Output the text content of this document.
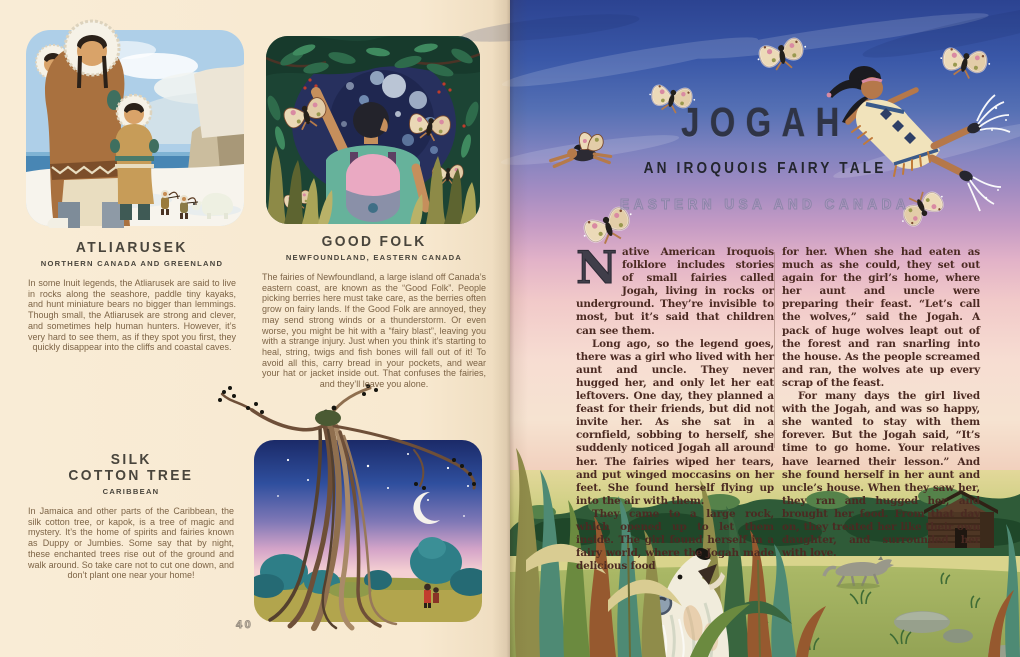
ATLIARUSEK
NORTHERN CANADA AND GREENLAND
In some Inuit legends, the Atliarusek are said to live in rocks along the seashore, paddle tiny kayaks, and hunt miniature bears no bigger than lemmings. Though small, the Atliarusek are strong and clever, and sometimes help human hunters. However, it’s very hard to see them, as if they spot you first, they quickly disappear into the cliffs and coastal caves.
GOOD FOLK
NEWFOUNDLAND, EASTERN CANADA
The fairies of Newfoundland, a large island off Canada’s eastern coast, are known as the “Good Folk”. People picking berries here must take care, as the berries often grow on fairy lands. If the Good Folk are annoyed, they may send strong winds or a thunderstorm. Or even worse, you might be hit with a “fairy blast”, leaving you with a strange injury. Just when you think it’s starting to heal, string, twigs and fish bones will fall out of it! To avoid all this, carry bread in your pockets, and wear your hat or jacket inside out. That confuses the fairies, and they’ll leave you alone.
SILK
COTTON TREE
CARIBBEAN
In Jamaica and other parts of the Caribbean, the silk cotton tree, or kapok, is a tree of magic and mystery. It’s the home of spirits and fairies known as Duppy or Jumbies. Some say that by night, these enchanted trees rise out of the ground and walk around. So take care not to cut one down, and don’t plant one near your home!
40
JOGAH
AN IROQUOIS FAIRY TALE
EASTERN USA AND CANADA

Native American Iroquois folklore includes stories of small fairies called Jogah, living in rocks or underground. They’re invisible to most, but it’s said that children can see them.

Long ago, so the legend goes, there was a girl who lived with her aunt and uncle. They never hugged her, and only let her eat leftovers. One day, they planned a feast for their friends, but did not invite her. As she sat in a cornfield, sobbing to herself, she suddenly noticed Jogah all around her. The fairies wiped her tears, and put winged moccasins on her feet. She found herself flying up into the air with them.

They came to a large rock, which opened up to let them inside. The girl found herself in a fairy world, where the Jogah made delicious food

for her. When she had eaten as much as she could, they set out again for the girl’s home, where her aunt and uncle were preparing their feast. “Let’s call the wolves,” said the Jogah. A pack of huge wolves leapt out of the forest and ran snarling into the house. As the people screamed and ran, the wolves ate up every scrap of the feast.

For many days the girl lived with the Jogah, and was so happy, she wanted to stay with them forever. But the Jogah said, “It’s time to go home. Your relatives have learned their lesson.” And she found herself in her aunt and uncle’s house. When they saw her, they ran and hugged her, and brought her food. From that day on, they treated her like their own daughter, and surrounded her with love.
